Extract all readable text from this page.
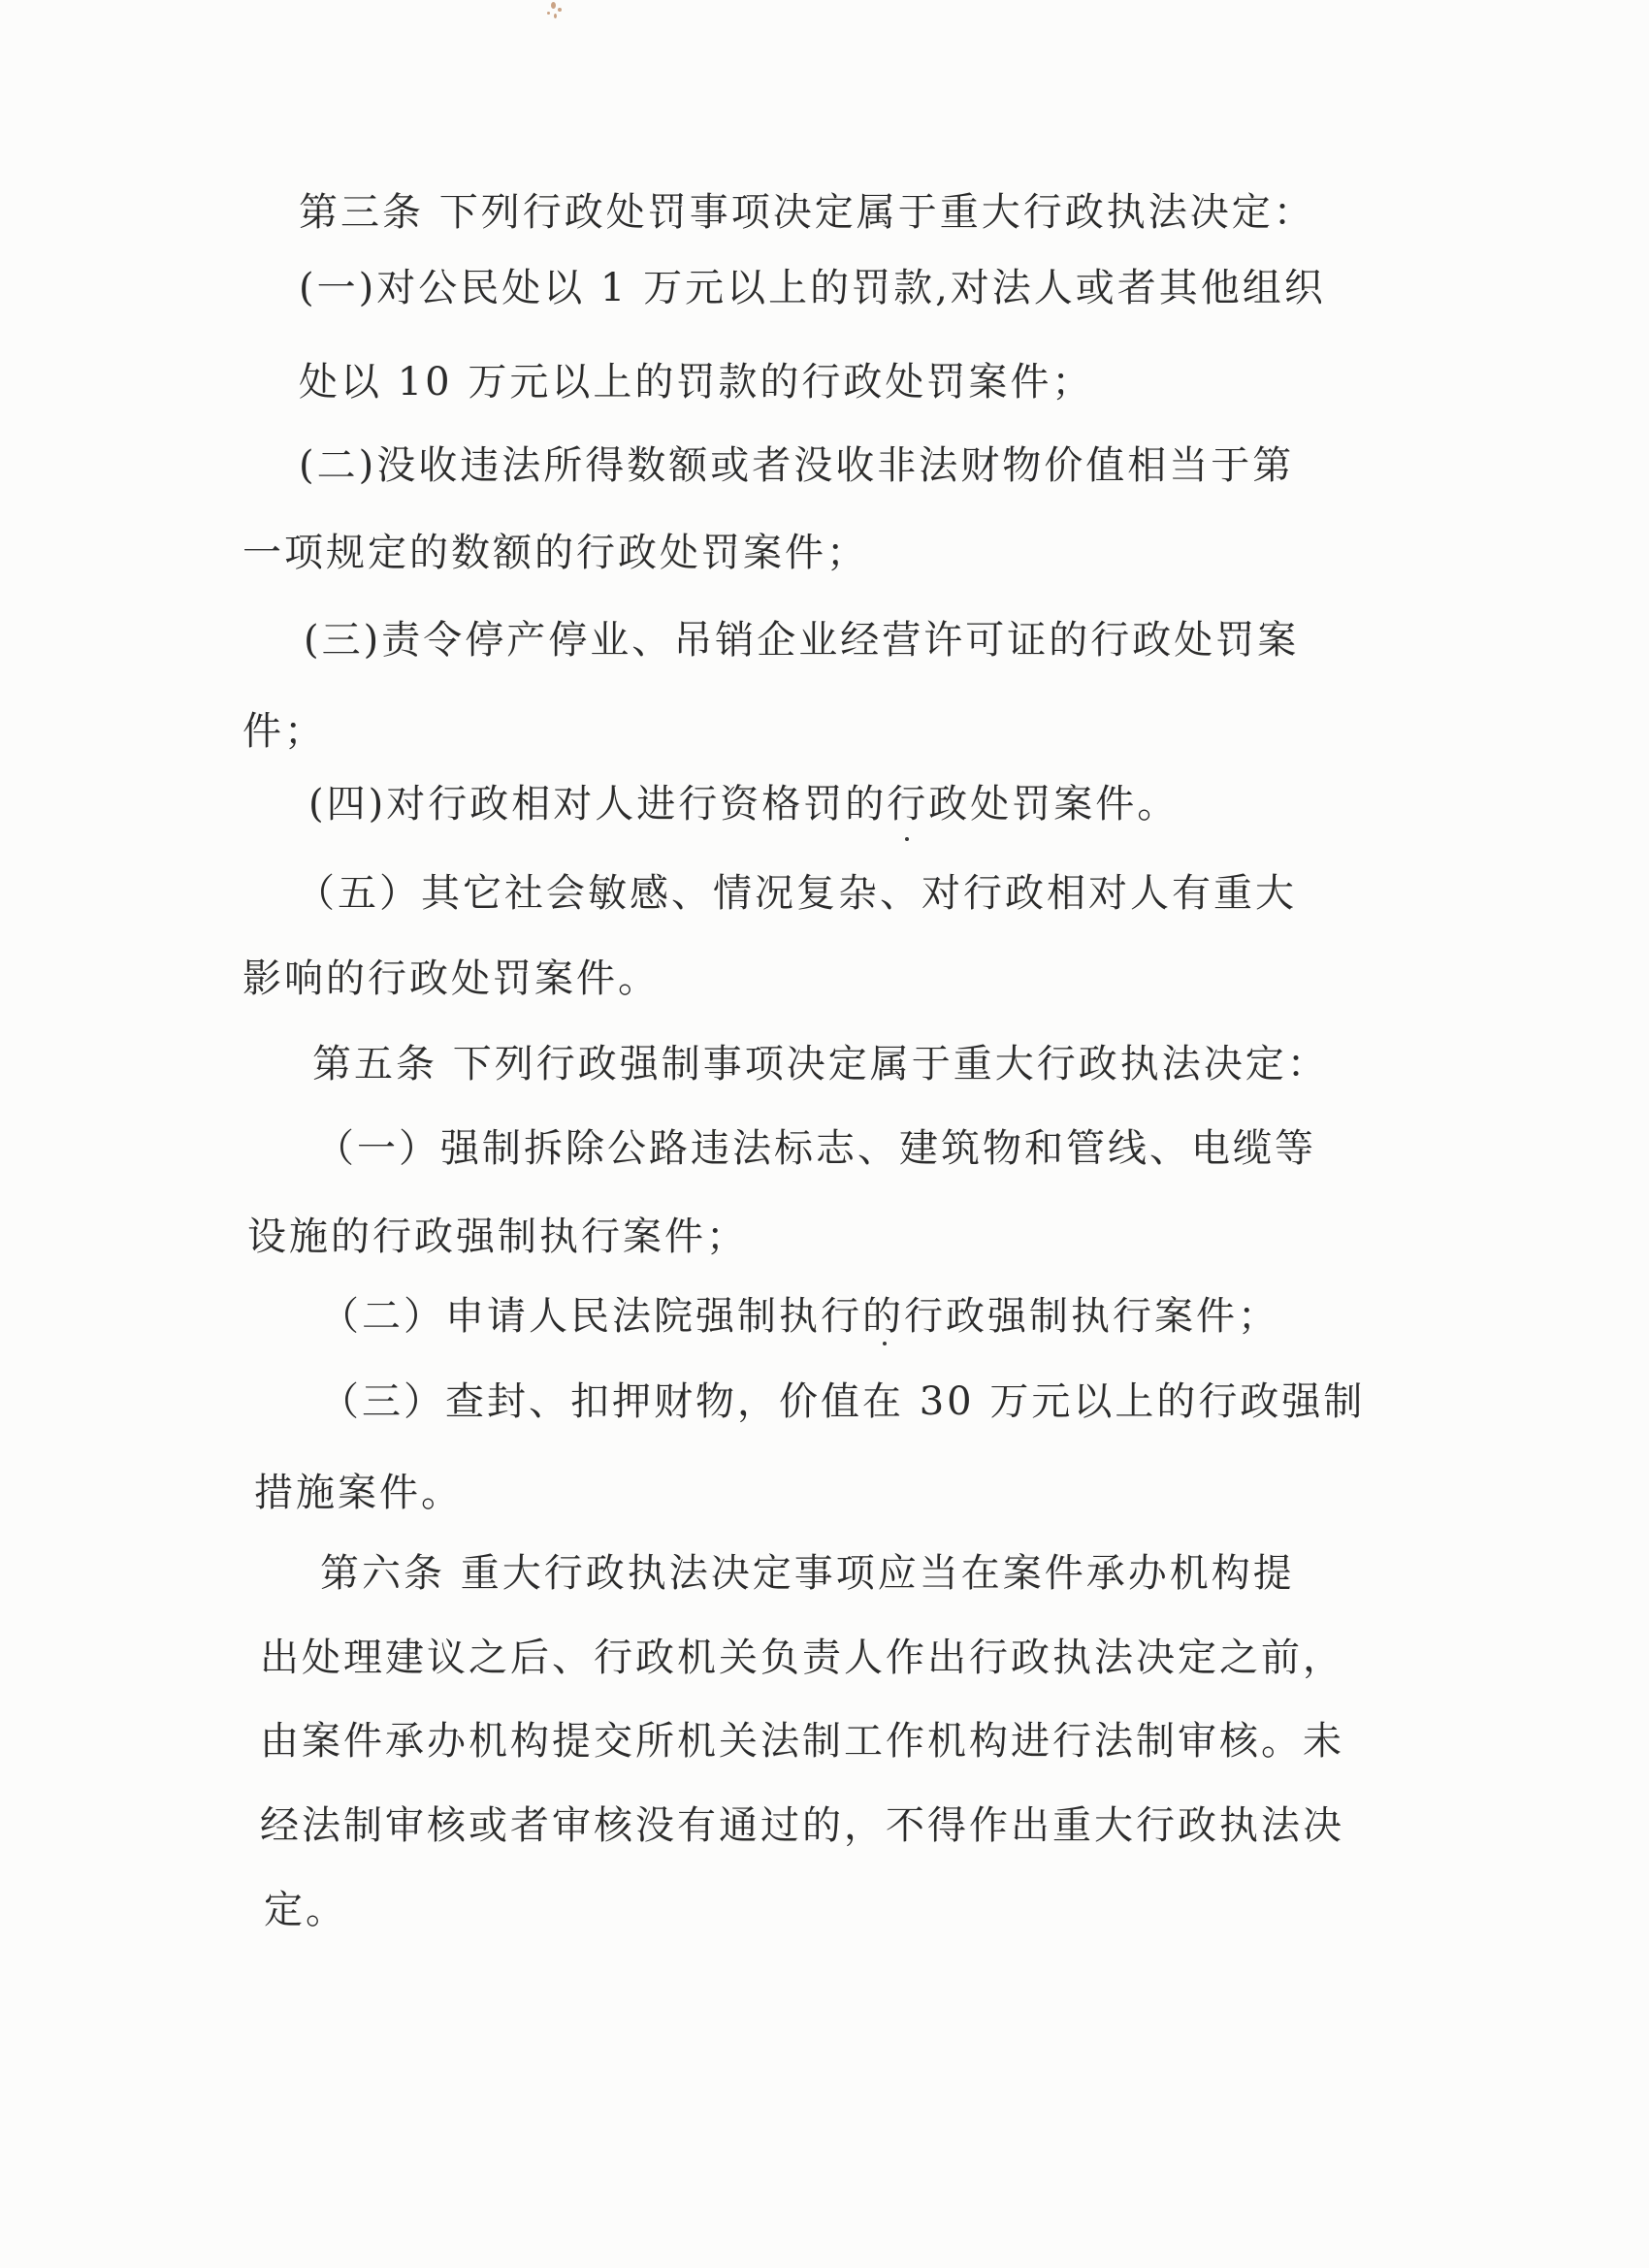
第三条 下列行政处罚事项决定属于重大行政执法决定：

(一)对公民处以 1 万元以上的罚款,对法人或者其他组织

处以 10 万元以上的罚款的行政处罚案件；

(二)没收违法所得数额或者没收非法财物价值相当于第

一项规定的数额的行政处罚案件；

(三)责令停产停业、吊销企业经营许可证的行政处罚案

件；

(四)对行政相对人进行资格罚的行政处罚案件。

（五）其它社会敏感、情况复杂、对行政相对人有重大

影响的行政处罚案件。

第五条 下列行政强制事项决定属于重大行政执法决定：

（一）强制拆除公路违法标志、建筑物和管线、电缆等

设施的行政强制执行案件；

（二）申请人民法院强制执行的行政强制执行案件；

（三）查封、扣押财物，价值在 30 万元以上的行政强制

措施案件。

第六条 重大行政执法决定事项应当在案件承办机构提

出处理建议之后、行政机关负责人作出行政执法决定之前，

由案件承办机构提交所机关法制工作机构进行法制审核。未

经法制审核或者审核没有通过的，不得作出重大行政执法决

定。
